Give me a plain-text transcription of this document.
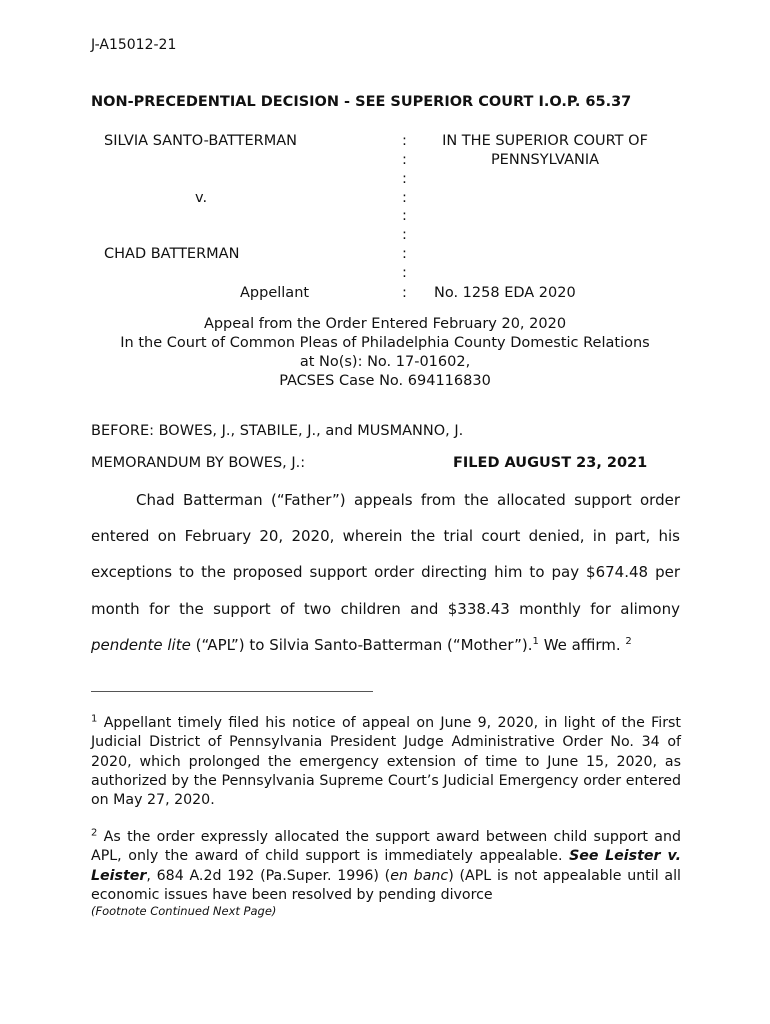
J-A15012-21
NON-PRECEDENTIAL DECISION - SEE SUPERIOR COURT I.O.P. 65.37
SILVIA SANTO-BATTERMAN
v.
CHAD BATTERMAN
Appellant
:
:
:
:
:
:
:
:
:
IN THE SUPERIOR COURT OF
PENNSYLVANIA
No. 1258 EDA 2020
Appeal from the Order Entered February 20, 2020
In the Court of Common Pleas of Philadelphia County Domestic Relations
at No(s): No. 17-01602,
PACSES Case No. 694116830
BEFORE: BOWES, J., STABILE, J., and MUSMANNO, J.
MEMORANDUM BY BOWES, J.:	FILED AUGUST 23, 2021
Chad Batterman (“Father”) appeals from the allocated support order
entered on February 20, 2020, wherein the trial court denied, in part, his
exceptions to the proposed support order directing him to pay $674.48 per
month for the support of two children and $338.43 monthly for alimony
pendente lite (“APL”) to Silvia Santo-Batterman (“Mother”).$^1$ We affirm. $^2$
$^1$ Appellant timely filed his notice of appeal on June 9, 2020, in light of the First Judicial District of Pennsylvania President Judge Administrative Order No. 34 of 2020, which prolonged the emergency extension of time to June 15, 2020, as authorized by the Pennsylvania Supreme Court’s Judicial Emergency order entered on May 27, 2020.
$^2$ As the order expressly allocated the support award between child support and APL, only the award of child support is immediately appealable. See Leister v. Leister, 684 A.2d 192 (Pa.Super. 1996) (en banc) (APL is not appealable until all economic issues have been resolved by pending divorce
(Footnote Continued Next Page)
